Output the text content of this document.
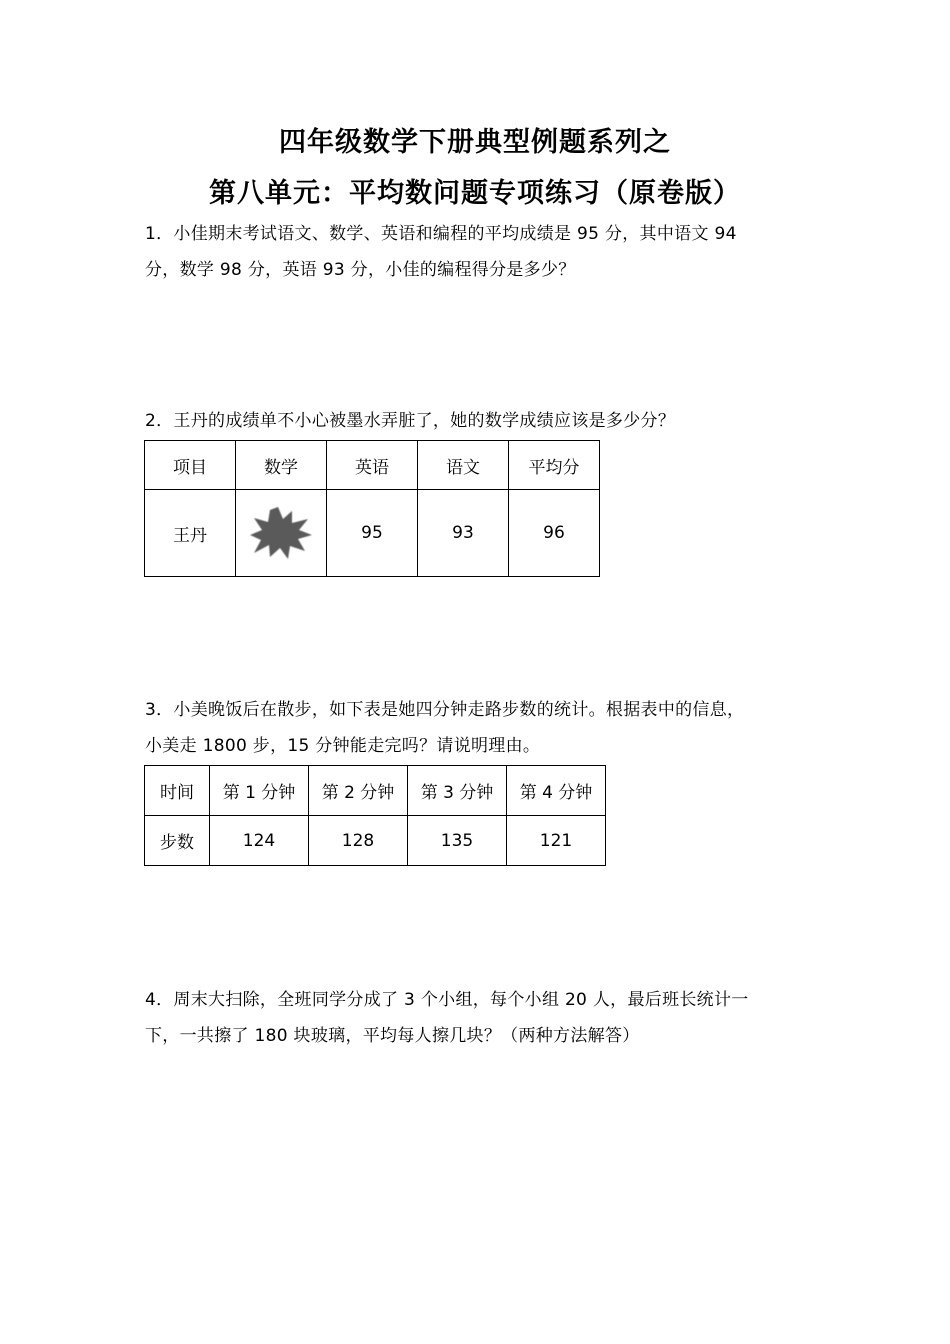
四年级数学下册典型例题系列之
第八单元：平均数问题专项练习（原卷版）
1．小佳期末考试语文、数学、英语和编程的平均成绩是 95 分，其中语文 94
分，数学 98 分，英语 93 分，小佳的编程得分是多少？
2．王丹的成绩单不小心被墨水弄脏了，她的数学成绩应该是多少分？
项目	数学	英语	语文	平均分
王丹		95	93	96
3．小美晚饭后在散步，如下表是她四分钟走路步数的统计。根据表中的信息，
小美走 1800 步，15 分钟能走完吗？请说明理由。
时间	第 1 分钟	第 2 分钟	第 3 分钟	第 4 分钟
步数	124	128	135	121
4．周末大扫除，全班同学分成了 3 个小组，每个小组 20 人，最后班长统计一
下，一共擦了 180 块玻璃，平均每人擦几块？（两种方法解答）
